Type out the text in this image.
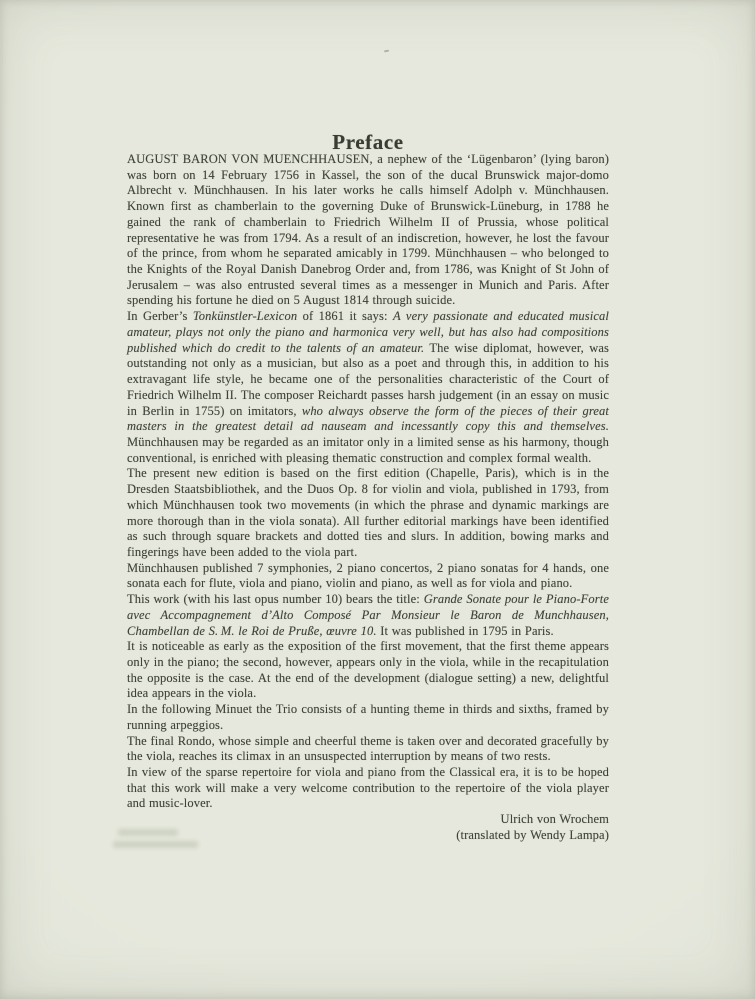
Preface

AUGUST BARON VON MUENCHHAUSEN, a nephew of the ‘Lügenbaron’ (lying baron) was born on 14 February 1756 in Kassel, the son of the ducal Brunswick major-domo Albrecht v. Münchhausen. In his later works he calls himself Adolph v. Münchhausen. Known first as chamberlain to the governing Duke of Brunswick-Lüneburg, in 1788 he gained the rank of chamberlain to Friedrich Wilhelm II of Prussia, whose political representative he was from 1794. As a result of an indiscretion, however, he lost the favour of the prince, from whom he separated amicably in 1799. Münchhausen – who belonged to the Knights of the Royal Danish Danebrog Order and, from 1786, was Knight of St John of Jerusalem – was also entrusted several times as a messenger in Munich and Paris. After spending his fortune he died on 5 August 1814 through suicide.

In Gerber’s Tonkünstler-Lexicon of 1861 it says: A very passionate and educated musical amateur, plays not only the piano and harmonica very well, but has also had compositions published which do credit to the talents of an amateur. The wise diplomat, however, was outstanding not only as a musician, but also as a poet and through this, in addition to his extravagant life style, he became one of the personalities characteristic of the Court of Friedrich Wilhelm II. The composer Reichardt passes harsh judgement (in an essay on music in Berlin in 1755) on imitators, who always observe the form of the pieces of their great masters in the greatest detail ad nauseam and incessantly copy this and themselves. Münchhausen may be regarded as an imitator only in a limited sense as his harmony, though conventional, is enriched with pleasing thematic construction and complex formal wealth.

The present new edition is based on the first edition (Chapelle, Paris), which is in the Dresden Staatsbibliothek, and the Duos Op. 8 for violin and viola, published in 1793, from which Münchhausen took two movements (in which the phrase and dynamic markings are more thorough than in the viola sonata). All further editorial markings have been identified as such through square brackets and dotted ties and slurs. In addition, bowing marks and fingerings have been added to the viola part.

Münchhausen published 7 symphonies, 2 piano concertos, 2 piano sonatas for 4 hands, one sonata each for flute, viola and piano, violin and piano, as well as for viola and piano.

This work (with his last opus number 10) bears the title: Grande Sonate pour le Piano-Forte avec Accompagnement d’Alto Composé Par Monsieur le Baron de Munchhausen, Chambellan de S. M. le Roi de Pruße, œuvre 10. It was published in 1795 in Paris.

It is noticeable as early as the exposition of the first movement, that the first theme appears only in the piano; the second, however, appears only in the viola, while in the recapitulation the opposite is the case. At the end of the development (dialogue setting) a new, delightful idea appears in the viola.

In the following Minuet the Trio consists of a hunting theme in thirds and sixths, framed by running arpeggios.

The final Rondo, whose simple and cheerful theme is taken over and decorated gracefully by the viola, reaches its climax in an unsuspected interruption by means of two rests.

In view of the sparse repertoire for viola and piano from the Classical era, it is to be hoped that this work will make a very welcome contribution to the repertoire of the viola player and music-lover.

Ulrich von Wrochem
(translated by Wendy Lampa)
